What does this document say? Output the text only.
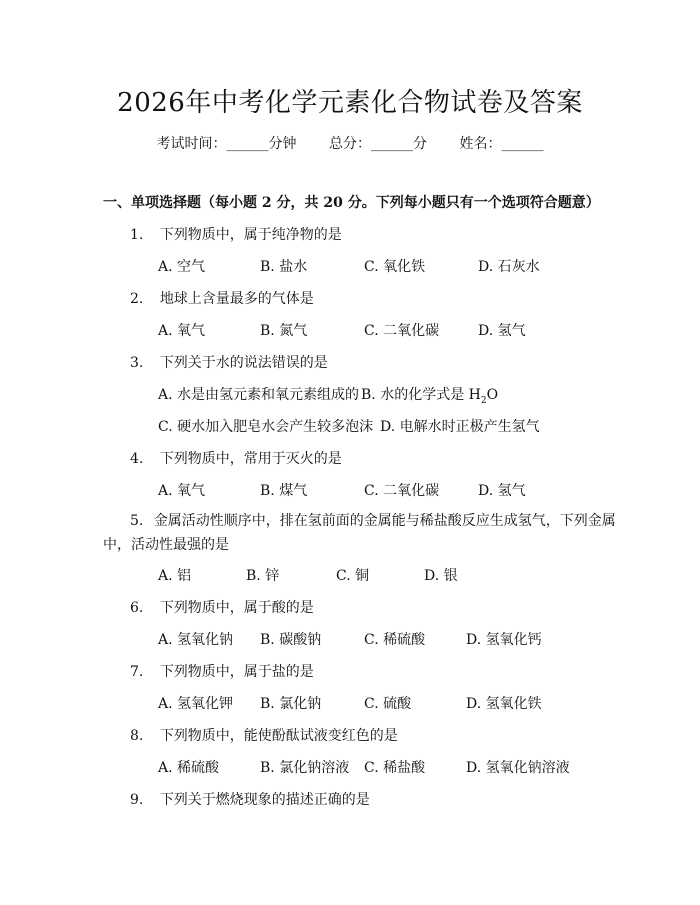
2026年中考化学元素化合物试卷及答案
考试时间：______分钟 总分：______分 姓名：______
一、单项选择题（每小题 2 分，共 20 分。下列每小题只有一个选项符合题意）
1. 下列物质中，属于纯净物的是
A. 空气	B. 盐水	C. 氧化铁	D. 石灰水
2. 地球上含量最多的气体是
A. 氧气	B. 氮气	C. 二氧化碳	D. 氢气
3. 下列关于水的说法错误的是
A. 水是由氢元素和氧元素组成的 B. 水的化学式是 $H_2O$
C. 硬水加入肥皂水会产生较多泡沫 D. 电解水时正极产生氢气
4. 下列物质中，常用于灭火的是
A. 氧气	B. 煤气	C. 二氧化碳	D. 氢气
5. 金属活动性顺序中，排在氢前面的金属能与稀盐酸反应生成氢气，下列金属中，活动性最强的是
A. 铝	B. 锌	C. 铜	D. 银
6. 下列物质中，属于酸的是
A. 氢氧化钠 B. 碳酸钠	C. 稀硫酸	D. 氢氧化钙
7. 下列物质中，属于盐的是
A. 氢氧化钾 B. 氯化钠	C. 硫酸	D. 氢氧化铁
8. 下列物质中，能使酚酞试液变红色的是
A. 稀硫酸	B. 氯化钠溶液 C. 稀盐酸	D. 氢氧化钠溶液
9. 下列关于燃烧现象的描述正确的是
